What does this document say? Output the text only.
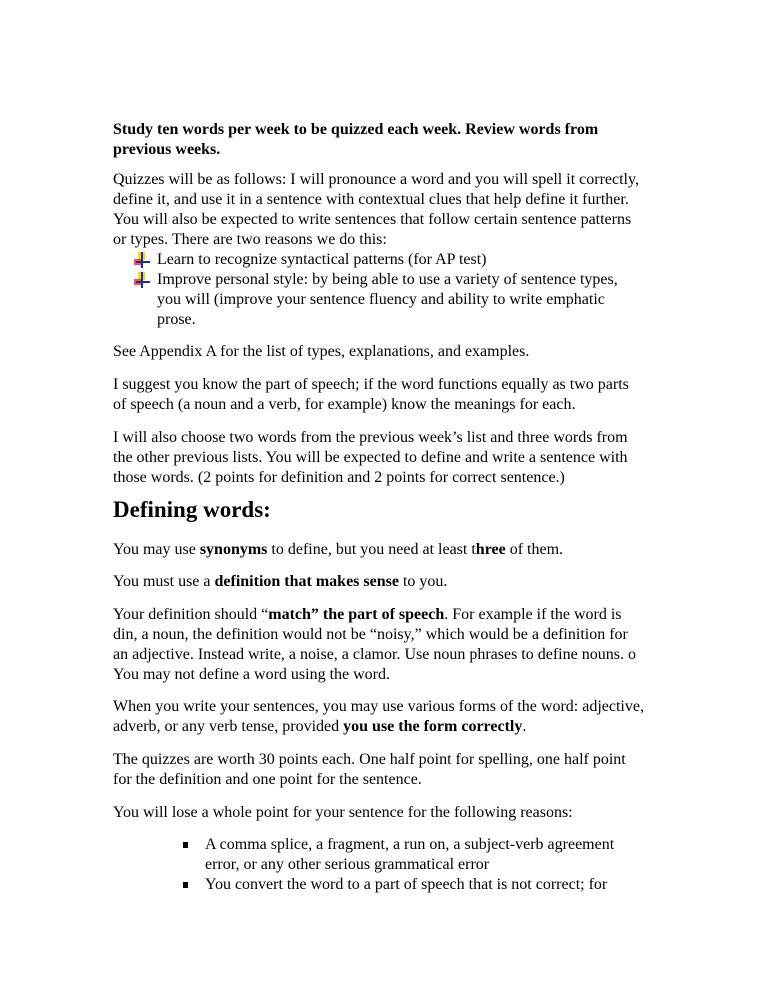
Study ten words per week to be quizzed each week. Review words from
previous weeks.
Quizzes will be as follows: I will pronounce a word and you will spell it correctly,
define it, and use it in a sentence with contextual clues that help define it further.
You will also be expected to write sentences that follow certain sentence patterns
or types. There are two reasons we do this:
Learn to recognize syntactical patterns (for AP test)
Improve personal style: by being able to use a variety of sentence types,
you will (improve your sentence fluency and ability to write emphatic
prose.
See Appendix A for the list of types, explanations, and examples.
I suggest you know the part of speech; if the word functions equally as two parts
of speech (a noun and a verb, for example) know the meanings for each.
I will also choose two words from the previous week’s list and three words from
the other previous lists. You will be expected to define and write a sentence with
those words. (2 points for definition and 2 points for correct sentence.)
Defining words:
You may use synonyms to define, but you need at least three of them.
You must use a definition that makes sense to you.
Your definition should “match” the part of speech. For example if the word is
din, a noun, the definition would not be “noisy,” which would be a definition for
an adjective. Instead write, a noise, a clamor. Use noun phrases to define nouns. o
You may not define a word using the word.
When you write your sentences, you may use various forms of the word: adjective,
adverb, or any verb tense, provided you use the form correctly.
The quizzes are worth 30 points each. One half point for spelling, one half point
for the definition and one point for the sentence.
You will lose a whole point for your sentence for the following reasons:
A comma splice, a fragment, a run on, a subject-verb agreement
error, or any other serious grammatical error
You convert the word to a part of speech that is not correct; for
